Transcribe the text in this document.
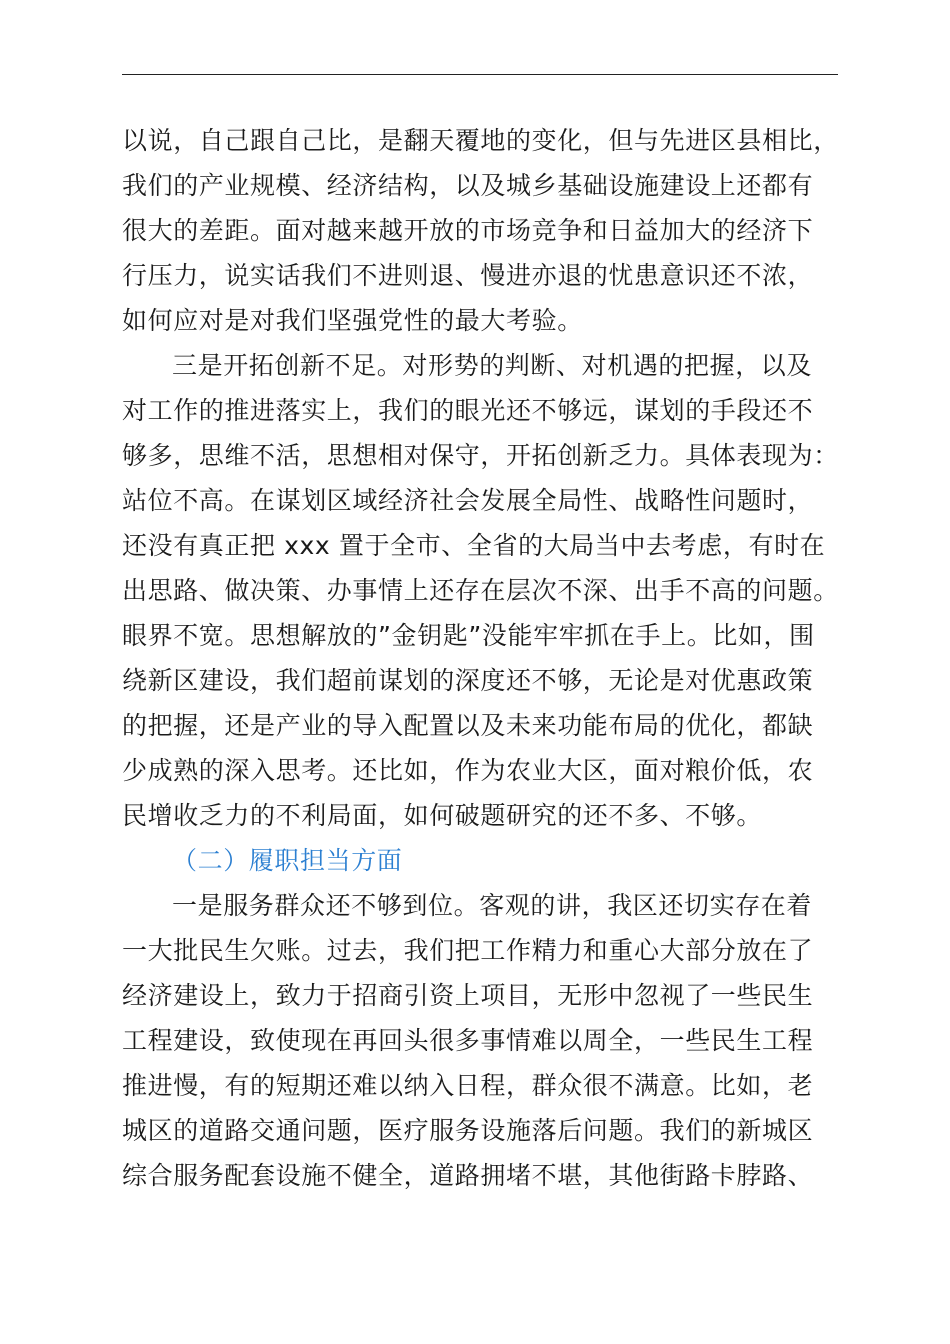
以说，自己跟自己比，是翻天覆地的变化，但与先进区县相比，
我们的产业规模、经济结构，以及城乡基础设施建设上还都有
很大的差距。面对越来越开放的市场竞争和日益加大的经济下
行压力，说实话我们不进则退、慢进亦退的忧患意识还不浓，
如何应对是对我们坚强党性的最大考验。
三是开拓创新不足。对形势的判断、对机遇的把握，以及
对工作的推进落实上，我们的眼光还不够远，谋划的手段还不
够多，思维不活，思想相对保守，开拓创新乏力。具体表现为：
站位不高。在谋划区域经济社会发展全局性、战略性问题时，
还没有真正把 xxx 置于全市、全省的大局当中去考虑，有时在
出思路、做决策、办事情上还存在层次不深、出手不高的问题。
眼界不宽。思想解放的”金钥匙”没能牢牢抓在手上。比如，围
绕新区建设，我们超前谋划的深度还不够，无论是对优惠政策
的把握，还是产业的导入配置以及未来功能布局的优化，都缺
少成熟的深入思考。还比如，作为农业大区，面对粮价低，农
民增收乏力的不利局面，如何破题研究的还不多、不够。
（二）履职担当方面
一是服务群众还不够到位。客观的讲，我区还切实存在着
一大批民生欠账。过去，我们把工作精力和重心大部分放在了
经济建设上，致力于招商引资上项目，无形中忽视了一些民生
工程建设，致使现在再回头很多事情难以周全，一些民生工程
推进慢，有的短期还难以纳入日程，群众很不满意。比如，老
城区的道路交通问题，医疗服务设施落后问题。我们的新城区
综合服务配套设施不健全，道路拥堵不堪，其他街路卡脖路、
